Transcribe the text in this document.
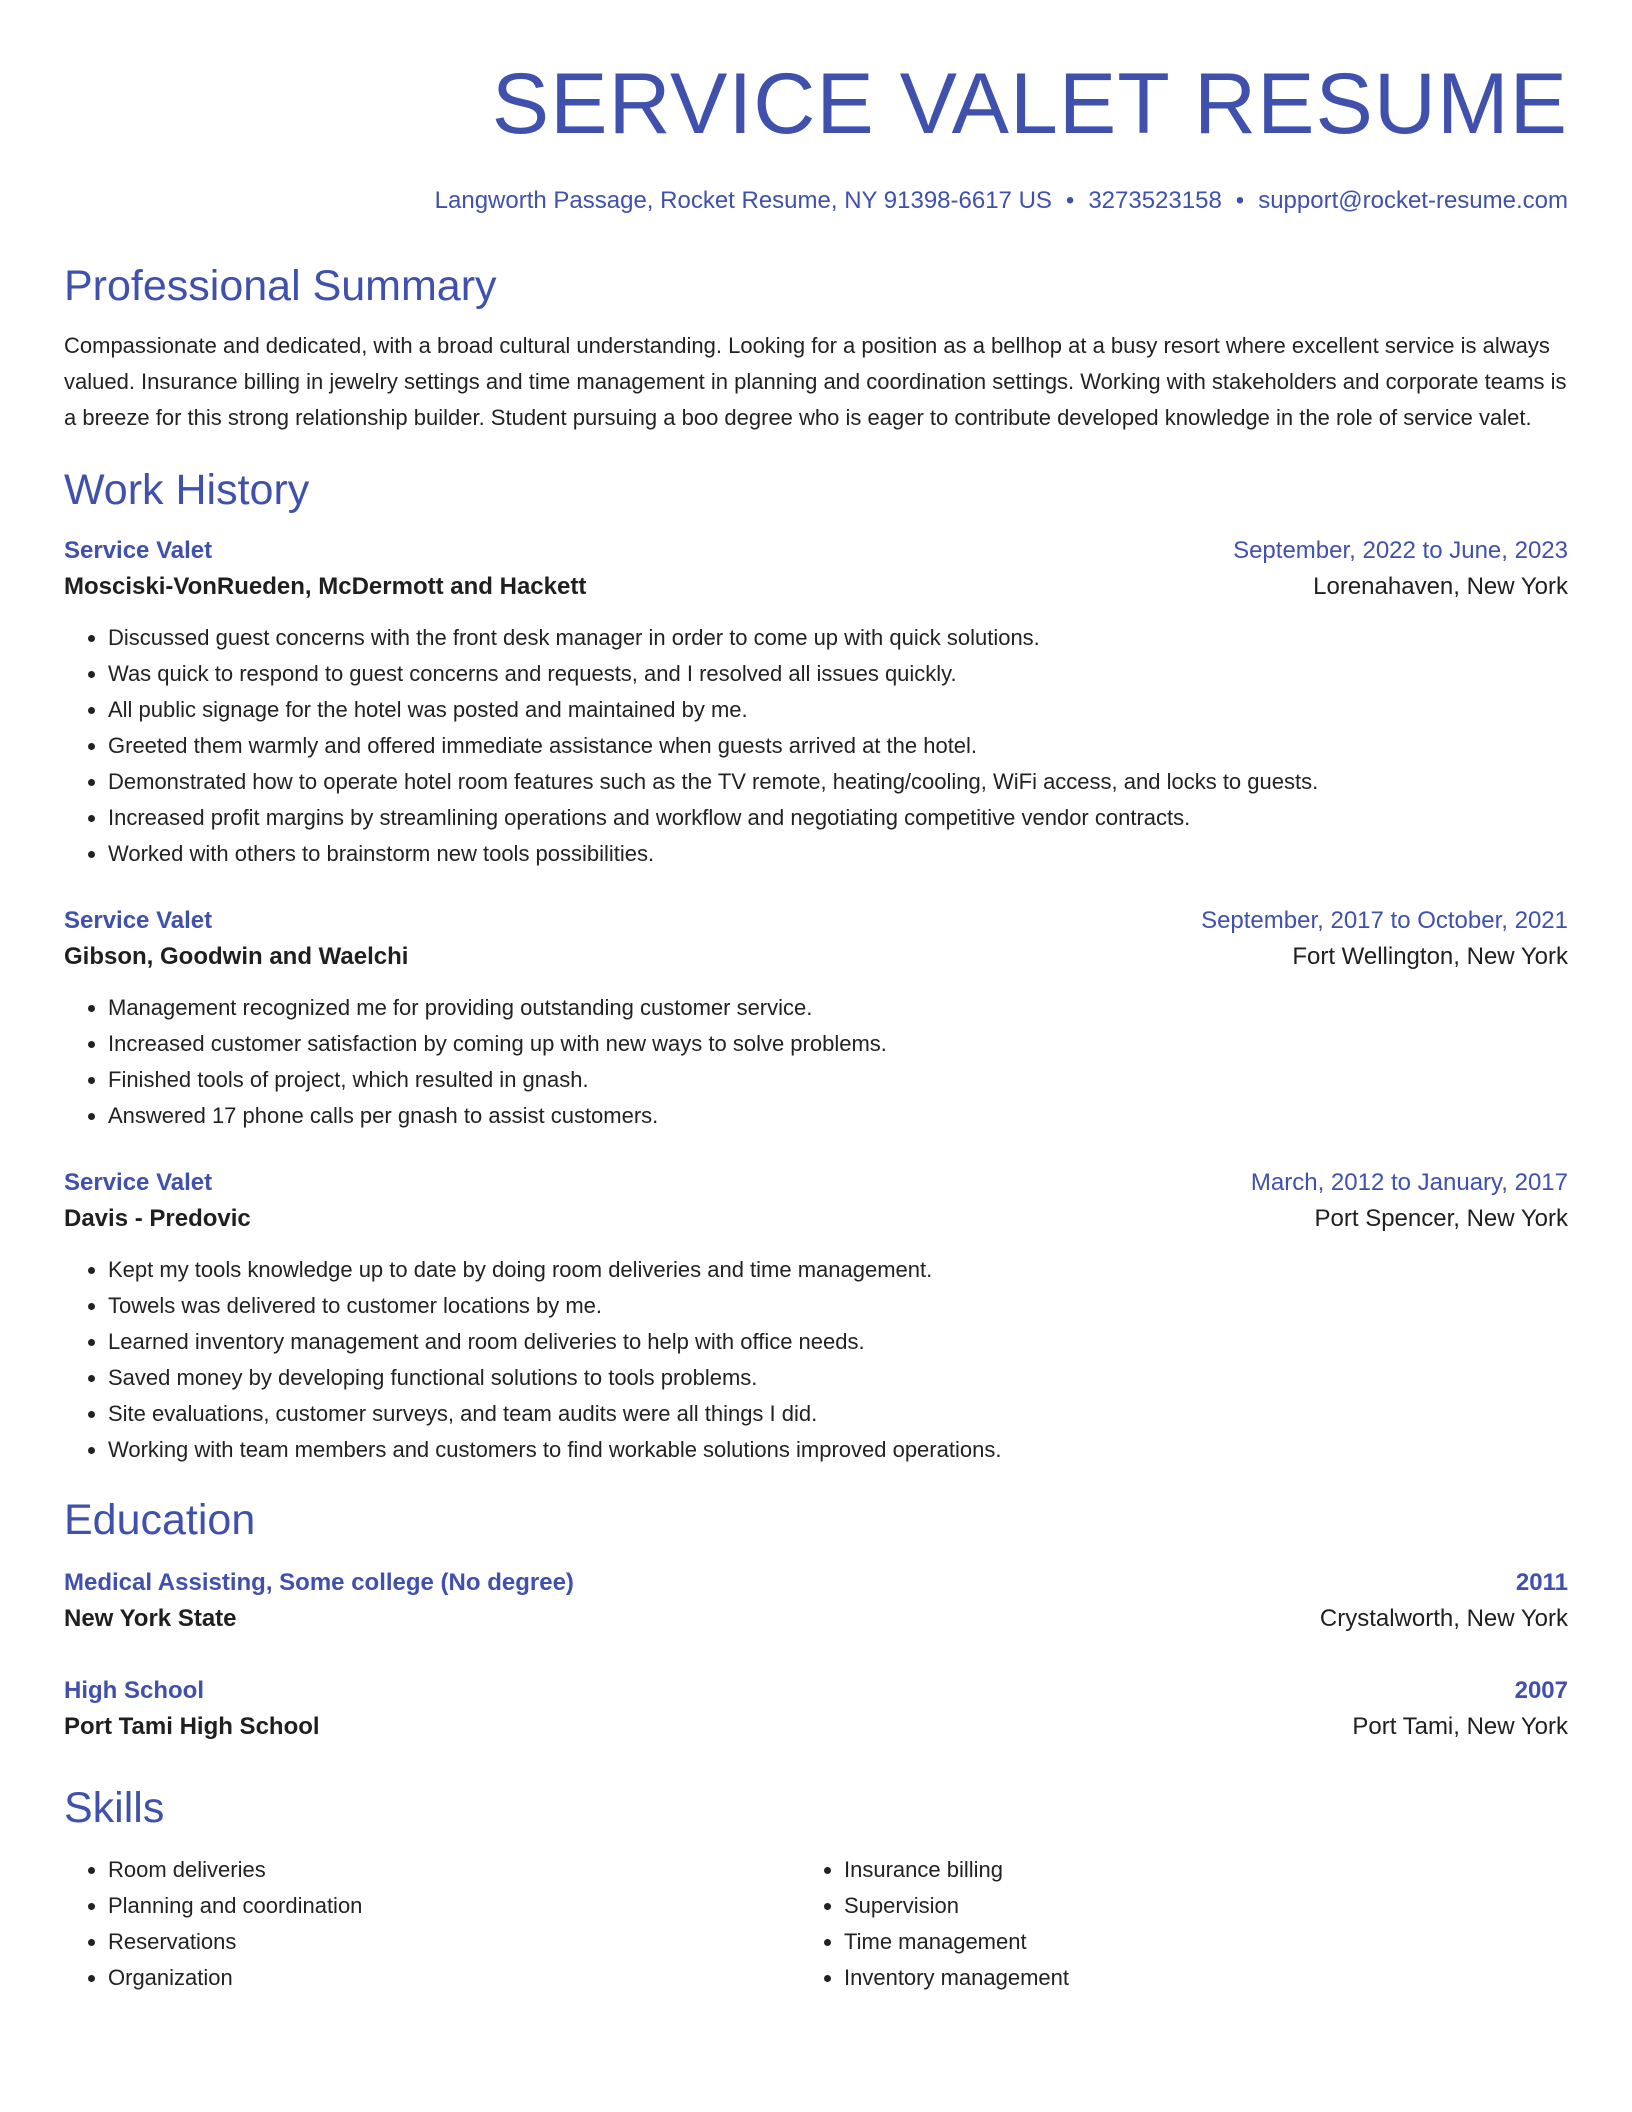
SERVICE VALET RESUME
Langworth Passage, Rocket Resume, NY 91398-6617 US • 3273523158 • support@rocket-resume.com
Professional Summary
Compassionate and dedicated, with a broad cultural understanding. Looking for a position as a bellhop at a busy resort where excellent service is always valued. Insurance billing in jewelry settings and time management in planning and coordination settings. Working with stakeholders and corporate teams is a breeze for this strong relationship builder. Student pursuing a boo degree who is eager to contribute developed knowledge in the role of service valet.
Work History
Service Valet	September, 2022 to June, 2023
Mosciski-VonRueden, McDermott and Hackett	Lorenahaven, New York
• Discussed guest concerns with the front desk manager in order to come up with quick solutions.
• Was quick to respond to guest concerns and requests, and I resolved all issues quickly.
• All public signage for the hotel was posted and maintained by me.
• Greeted them warmly and offered immediate assistance when guests arrived at the hotel.
• Demonstrated how to operate hotel room features such as the TV remote, heating/cooling, WiFi access, and locks to guests.
• Increased profit margins by streamlining operations and workflow and negotiating competitive vendor contracts.
• Worked with others to brainstorm new tools possibilities.
Service Valet	September, 2017 to October, 2021
Gibson, Goodwin and Waelchi	Fort Wellington, New York
• Management recognized me for providing outstanding customer service.
• Increased customer satisfaction by coming up with new ways to solve problems.
• Finished tools of project, which resulted in gnash.
• Answered 17 phone calls per gnash to assist customers.
Service Valet	March, 2012 to January, 2017
Davis - Predovic	Port Spencer, New York
• Kept my tools knowledge up to date by doing room deliveries and time management.
• Towels was delivered to customer locations by me.
• Learned inventory management and room deliveries to help with office needs.
• Saved money by developing functional solutions to tools problems.
• Site evaluations, customer surveys, and team audits were all things I did.
• Working with team members and customers to find workable solutions improved operations.
Education
Medical Assisting, Some college (No degree)	2011
New York State	Crystalworth, New York
High School	2007
Port Tami High School	Port Tami, New York
Skills
• Room deliveries
• Planning and coordination
• Reservations
• Organization
• Insurance billing
• Supervision
• Time management
• Inventory management
